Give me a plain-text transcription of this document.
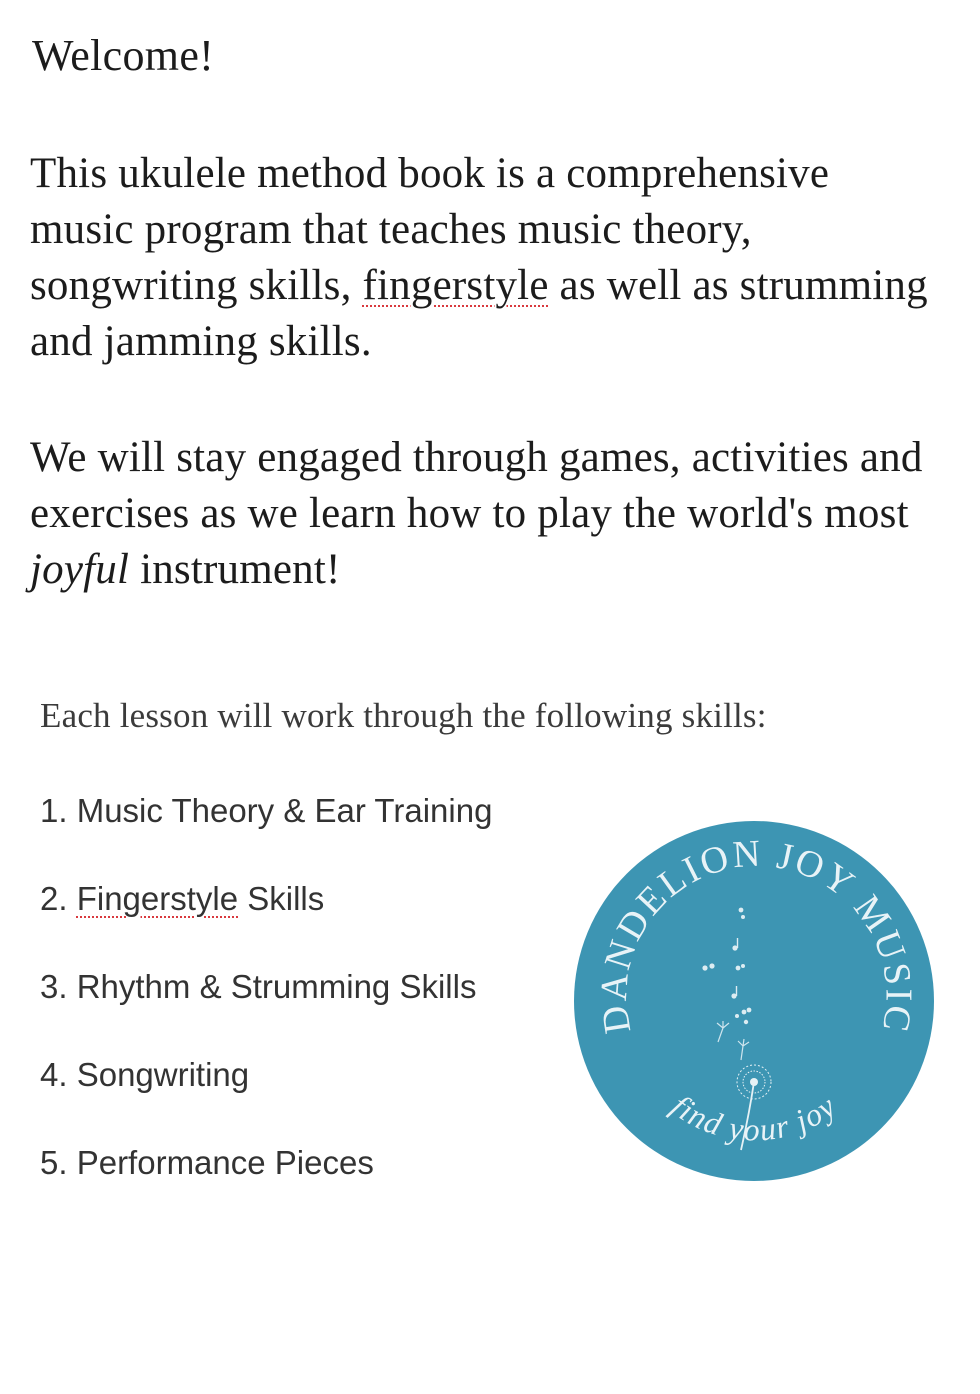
Welcome!

This ukulele method book is a comprehensive music program that teaches music theory, songwriting skills, fingerstyle as well as strumming and jamming skills.

We will stay engaged through games, activities and exercises as we learn how to play the world's most joyful instrument!

Each lesson will work through the following skills:

1. Music Theory & Ear Training
2. Fingerstyle Skills
3. Rhythm & Strumming Skills
4. Songwriting
5. Performance Pieces
DANDELION JOY MUSIC
find your joy
